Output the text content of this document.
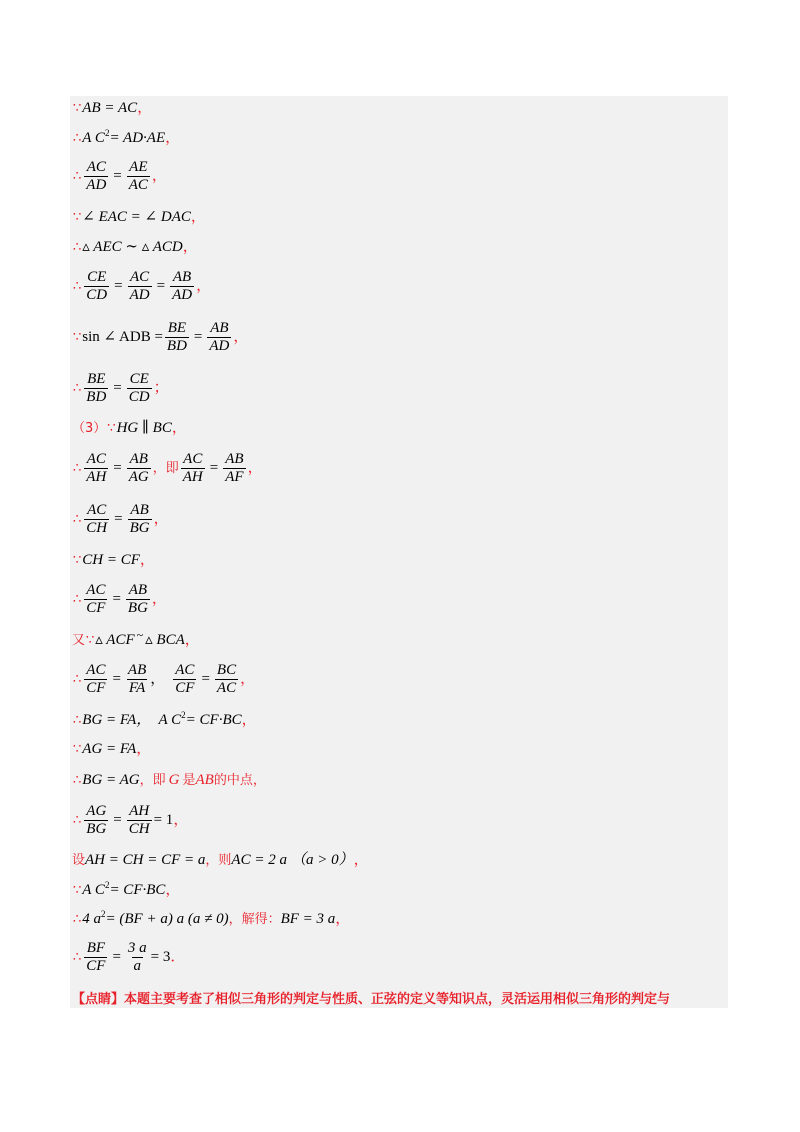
∵ AB = AC ，
∴ A $C^2 = AD\cdot AE$ ，
∴ $\frac{AC}{AD} = \frac{AE}{AC}$ ，
∵ ∠ EAC = ∠ DAC ，
∴ ▵ AEC ∼ ▵ ACD ，
∴ $\frac{CE}{CD} = \frac{AC}{AD} = \frac{AB}{AD}$ ，
∵ sin ∠ ADB = $\frac{BE}{BD} = \frac{AB}{AD}$ ，
∴ $\frac{BE}{BD} = \frac{CE}{CD}$ ；
（3） ∵ HG ∥ BC ，
∴ $\frac{AC}{AH} = \frac{AB}{AG}$ ，即 $\frac{AC}{AH} = \frac{AB}{AF}$ ，
∴ $\frac{AC}{CH} = \frac{AB}{BG}$ ，
∵ CH = CF ，
∴ $\frac{AC}{CF} = \frac{AB}{BG}$ ，
又 ∵ ▵ ACF ~ ▵ BCA ，
∴ $\frac{AC}{CF} = \frac{AB}{FA}$ ， $\frac{AC}{CF} = \frac{BC}{AC}$ ，
∴ BG = FA，  A $C^2 = CF\cdot BC$ ，
∵ AG = FA ，
∴ BG = AG ，即 G 是 AB 的中点，
∴ $\frac{AG}{BG} = \frac{AH}{CH} = 1$ ，
设 AH = CH = CF = a ，则 AC = 2 a （a > 0） ，
∵ A $C^2 = CF\cdot BC$ ，
∴ 4 $a^2 = (BF + a)$ a (a ≠ 0) ，解得： BF = 3 a ，
∴ $\frac{BF}{CF} = \frac{3 a}{a} = 3$ ．
【点睛】 本题主要考查了相似三角形的判定与性质、正弦的定义等知识点，灵活运用相似三角形的判定与
